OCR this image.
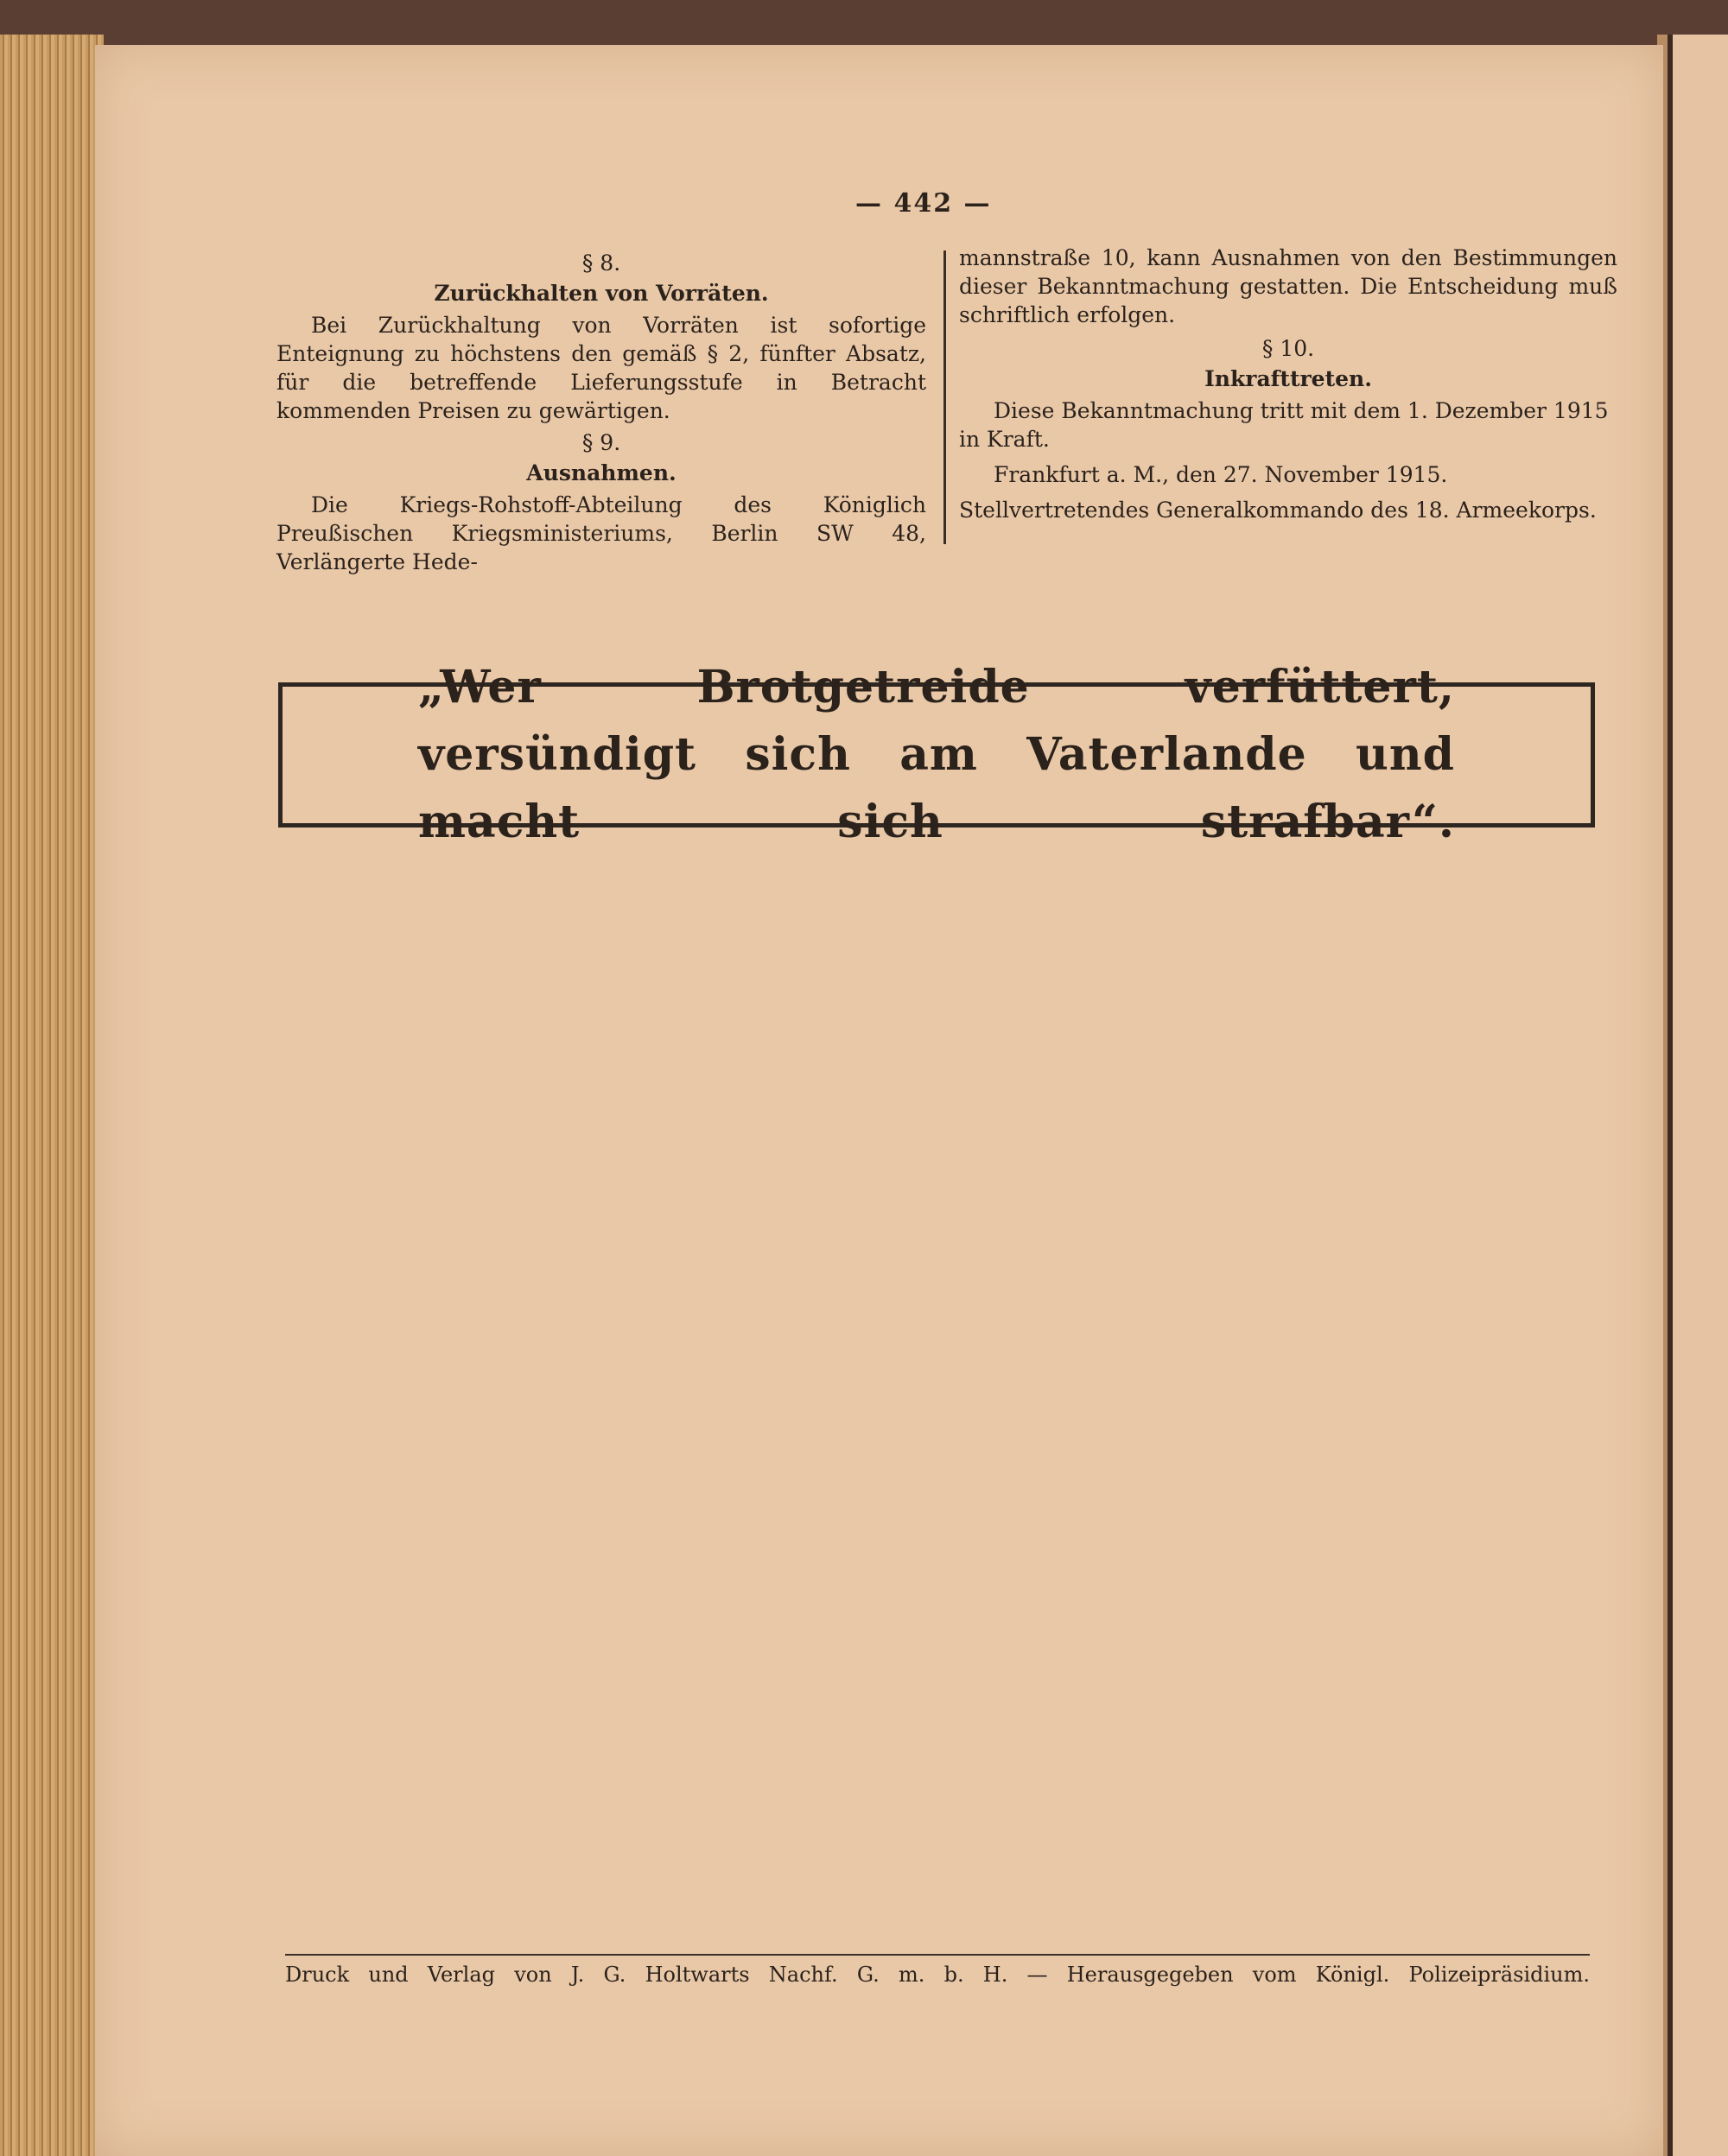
— 442 —

§ 8.

Zurückhalten von Vorräten.

Bei Zurückhaltung von Vorräten ist sofortige Enteignung zu höchstens den gemäß § 2, fünfter Absatz, für die betreffende Lieferungsstufe in Betracht kommenden Preisen zu gewärtigen.

§ 9.

Ausnahmen.

Die Kriegs-Rohstoff-Abteilung des Königlich Preußischen Kriegsministeriums, Berlin SW 48, Verlängerte Hede-

mannstraße 10, kann Ausnahmen von den Bestimmungen dieser Bekanntmachung gestatten. Die Entscheidung muß schriftlich erfolgen.

§ 10.

Inkrafttreten.

Diese Bekanntmachung tritt mit dem 1. Dezember 1915 in Kraft.

Frankfurt a. M., den 27. November 1915.

Stellvertretendes Generalkommando des 18. Armeekorps.

„Wer Brotgetreide verfüttert, versündigt sich am Vaterlande und macht sich strafbar“.
Druck und Verlag von J. G. Holtwarts Nachf. G. m. b. H. — Herausgegeben vom Königl. Polizeipräsidium.
